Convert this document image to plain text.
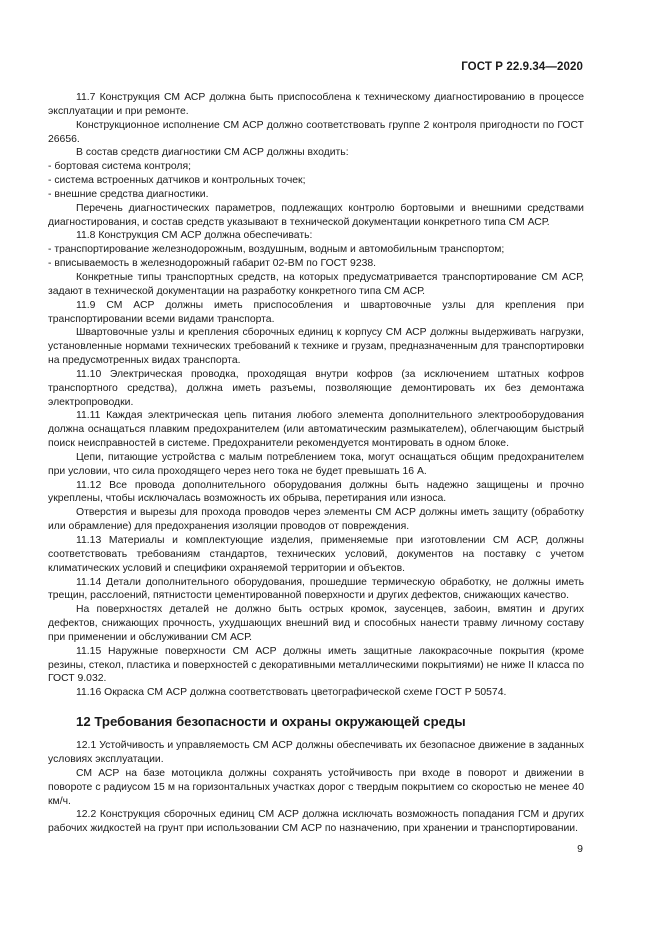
ГОСТ Р 22.9.34—2020

11.7 Конструкция СМ АСР должна быть приспособлена к техническому диагностированию в процессе эксплуатации и при ремонте.

Конструкционное исполнение СМ АСР должно соответствовать группе 2 контроля пригодности по ГОСТ 26656.

В состав средств диагностики СМ АСР должны входить:

- бортовая система контроля;

- система встроенных датчиков и контрольных точек;

- внешние средства диагностики.

Перечень диагностических параметров, подлежащих контролю бортовыми и внешними средствами диагностирования, и состав средств указывают в технической документации конкретного типа СМ АСР.

11.8 Конструкция СМ АСР должна обеспечивать:

- транспортирование железнодорожным, воздушным, водным и автомобильным транспортом;

- вписываемость в железнодорожный габарит 02-ВМ по ГОСТ 9238.

Конкретные типы транспортных средств, на которых предусматривается транспортирование СМ АСР, задают в технической документации на разработку конкретного типа СМ АСР.

11.9 СМ АСР должны иметь приспособления и швартовочные узлы для крепления при транспортировании всеми видами транспорта.

Швартовочные узлы и крепления сборочных единиц к корпусу СМ АСР должны выдерживать нагрузки, установленные нормами технических требований к технике и грузам, предназначенным для транспортировки на предусмотренных видах транспорта.

11.10 Электрическая проводка, проходящая внутри кофров (за исключением штатных кофров транспортного средства), должна иметь разъемы, позволяющие демонтировать их без демонтажа электропроводки.

11.11 Каждая электрическая цепь питания любого элемента дополнительного электрооборудования должна оснащаться плавким предохранителем (или автоматическим размыкателем), облегчающим быстрый поиск неисправностей в системе. Предохранители рекомендуется монтировать в одном блоке.

Цепи, питающие устройства с малым потреблением тока, могут оснащаться общим предохранителем при условии, что сила проходящего через него тока не будет превышать 16 А.

11.12 Все провода дополнительного оборудования должны быть надежно защищены и прочно укреплены, чтобы исключалась возможность их обрыва, перетирания или износа.

Отверстия и вырезы для прохода проводов через элементы СМ АСР должны иметь защиту (обработку или обрамление) для предохранения изоляции проводов от повреждения.

11.13 Материалы и комплектующие изделия, применяемые при изготовлении СМ АСР, должны соответствовать требованиям стандартов, технических условий, документов на поставку с учетом климатических условий и специфики охраняемой территории и объектов.

11.14 Детали дополнительного оборудования, прошедшие термическую обработку, не должны иметь трещин, расслоений, пятнистости цементированной поверхности и других дефектов, снижающих качество.

На поверхностях деталей не должно быть острых кромок, заусенцев, забоин, вмятин и других дефектов, снижающих прочность, ухудшающих внешний вид и способных нанести травму личному составу при применении и обслуживании СМ АСР.

11.15 Наружные поверхности СМ АСР должны иметь защитные лакокрасочные покрытия (кроме резины, стекол, пластика и поверхностей с декоративными металлическими покрытиями) не ниже II класса по ГОСТ 9.032.

11.16 Окраска СМ АСР должна соответствовать цветографической схеме ГОСТ Р 50574.

12 Требования безопасности и охраны окружающей среды

12.1 Устойчивость и управляемость СМ АСР должны обеспечивать их безопасное движение в заданных условиях эксплуатации.

СМ АСР на базе мотоцикла должны сохранять устойчивость при входе в поворот и движении в повороте с радиусом 15 м на горизонтальных участках дорог с твердым покрытием со скоростью не менее 40 км/ч.

12.2 Конструкция сборочных единиц СМ АСР должна исключать возможность попадания ГСМ и других рабочих жидкостей на грунт при использовании СМ АСР по назначению, при хранении и транспортировании.

9
